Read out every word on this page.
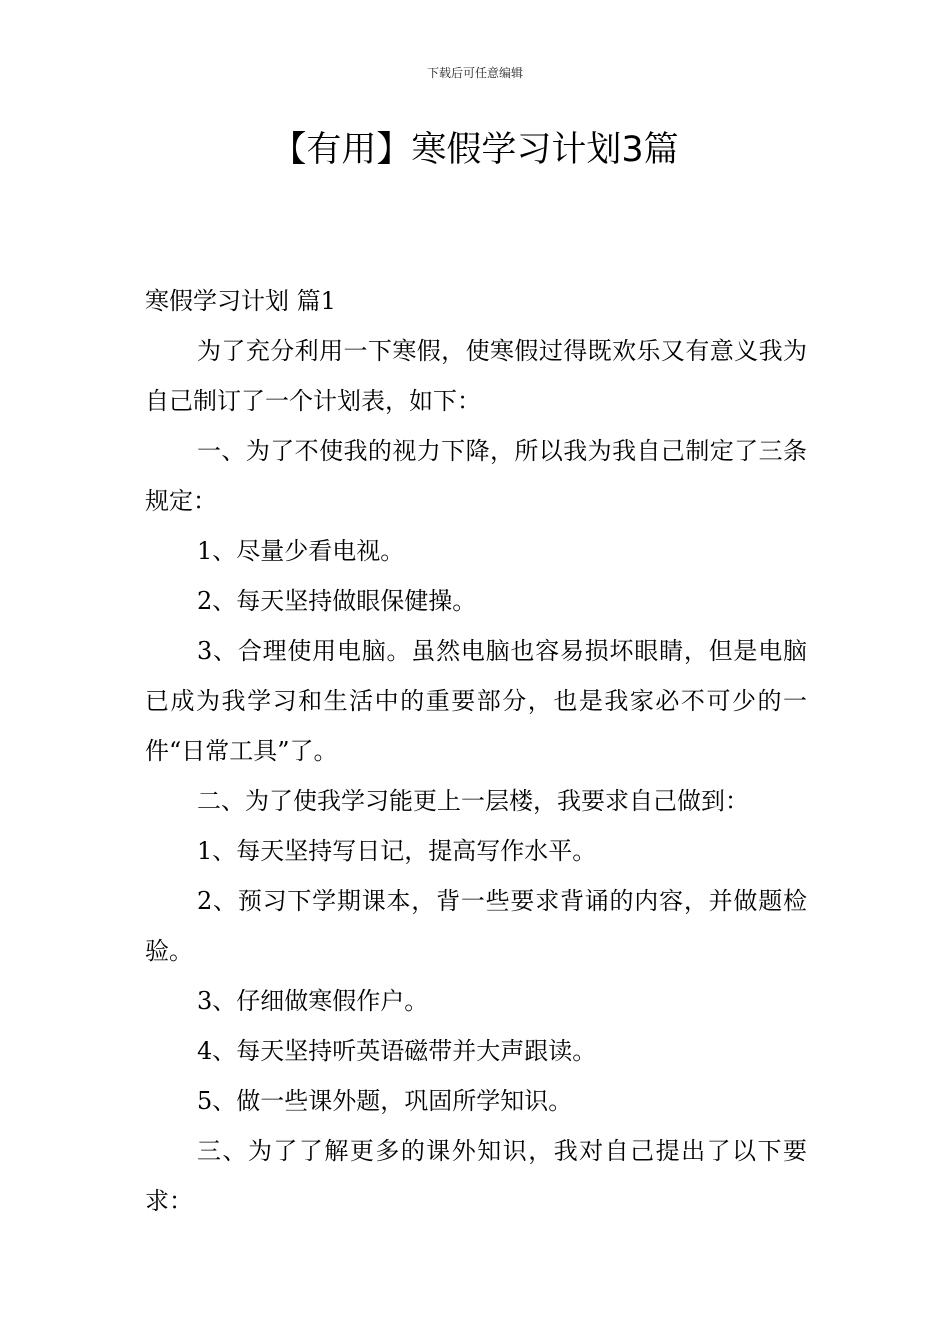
下载后可任意编辑
【有用】寒假学习计划3篇

寒假学习计划 篇1

为了充分利用一下寒假，使寒假过得既欢乐又有意义我为自己制订了一个计划表，如下：

一、为了不使我的视力下降，所以我为我自己制定了三条规定：

1、尽量少看电视。

2、每天坚持做眼保健操。

3、合理使用电脑。虽然电脑也容易损坏眼睛，但是电脑已成为我学习和生活中的重要部分，也是我家必不可少的一件“日常工具”了。

二、为了使我学习能更上一层楼，我要求自己做到：

1、每天坚持写日记，提高写作水平。

2、预习下学期课本，背一些要求背诵的内容，并做题检验。

3、仔细做寒假作户。

4、每天坚持听英语磁带并大声跟读。

5、做一些课外题，巩固所学知识。

三、为了了解更多的课外知识，我对自己提出了以下要求：
